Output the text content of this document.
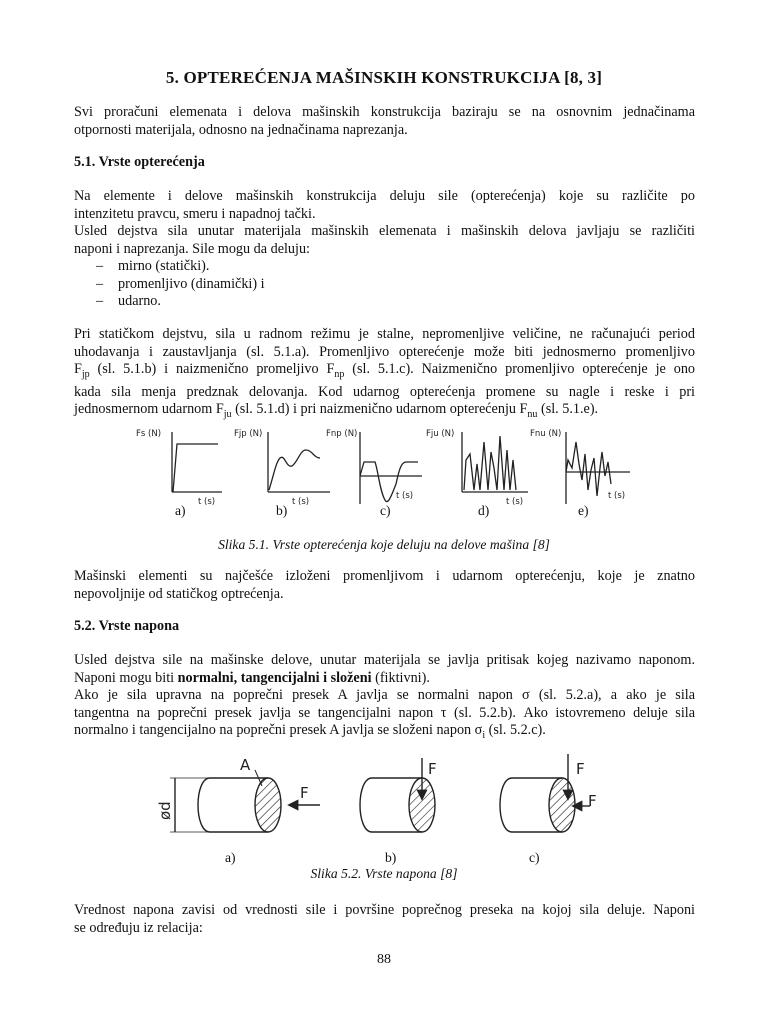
5. OPTEREĆENJA MAŠINSKIH KONSTRUKCIJA [8, 3]
Svi proračuni elemenata i delova mašinskih konstrukcija baziraju se na osnovnim jednačinama
otpornosti materijala, odnosno na jednačinama naprezanja.
5.1. Vrste opterećenja
Na elemente i delove mašinskih konstrukcija deluju sile (opterećenja) koje su različite po
intenzitetu pravcu, smeru i napadnoj tački.
Usled dejstva sila unutar materijala mašinskih elemenata i mašinskih delova javljaju se različiti
naponi i naprezanja. Sile mogu da deluju:
– mirno (statički).
– promenljivo (dinamički) i
– udarno.
Pri statičkom dejstvu, sila u radnom režimu je stalne, nepromenljive veličine, ne računajući period
uhodavanja i zaustavljanja (sl. 5.1.a). Promenljivo opterećenje može biti jednosmerno promenljivo
$F_{jp}$ (sl. 5.1.b) i naizmenično promeljivo $F_{np}$ (sl. 5.1.c). Naizmenično promenljivo opterećenje je ono
kada sila menja predznak delovanja. Kod udarnog opterećenja promene su nagle i reske i pri
jednosmernom udarnom $F_{ju}$ (sl. 5.1.d) i pri naizmenično udarnom opterećenju $F_{nu}$ (sl. 5.1.e).
Fs (N)
t (s)
Fjp (N)
t (s)
Fnp (N)
t (s)
Fju (N)
t (s)
Fnu (N)
t (s)
a)	b)	c)	d)	e)
Slika 5.1. Vrste opterećenja koje deluju na delove mašina [8]
Mašinski elementi su najčešće izloženi promenljivom i udarnom opterećenju, koje je znatno
nepovoljnije od statičkog optrećenja.
5.2. Vrste napona
Usled dejstva sile na mašinske delove, unutar materijala se javlja pritisak kojeg nazivamo naponom.
Naponi mogu biti normalni, tangencijalni i složeni (fiktivni).
Ako je sila upravna na poprečni presek A javlja se normalni napon σ (sl. 5.2.a), a ako je sila
tangentna na poprečni presek javlja se tangencijalni napon τ (sl. 5.2.b). Ako istovremeno deluje sila
normalno i tangencijalno na poprečni presek A javlja se složeni napon $\sigma_i$ (sl. 5.2.c).
A
F
ød
F	F
F
a)	b)	c)
Slika 5.2. Vrste napona [8]
Vrednost napona zavisi od vrednosti sile i površine poprečnog preseka na kojoj sila deluje. Naponi
se određuju iz relacija:
88
